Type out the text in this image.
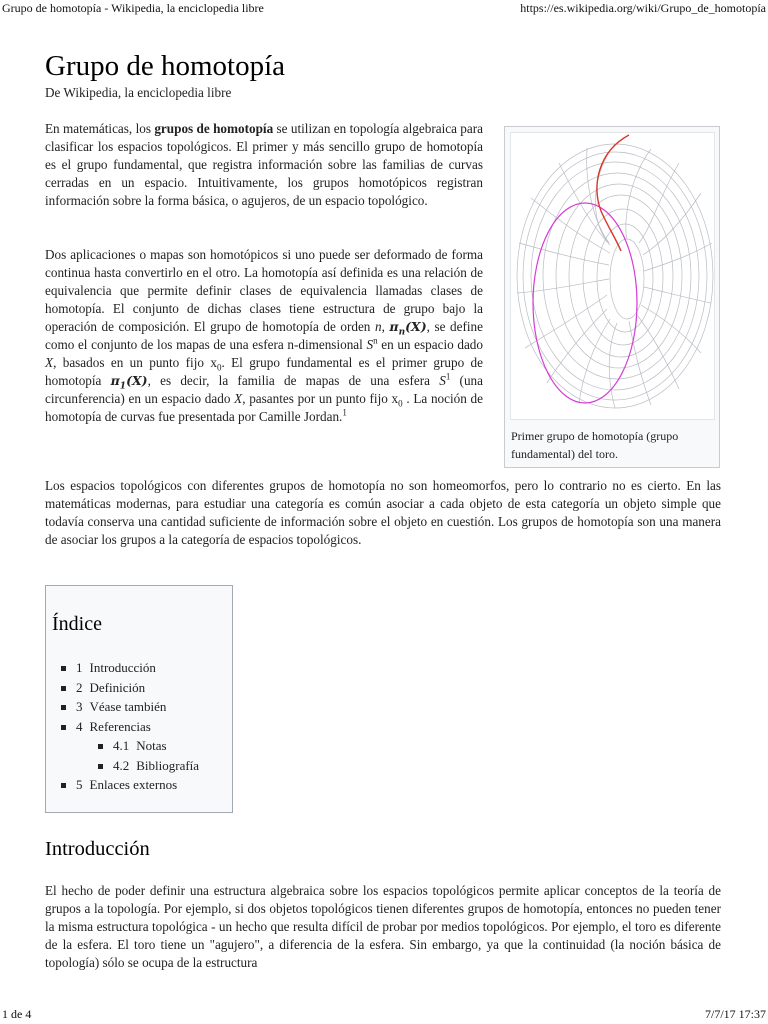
Grupo de homotopía - Wikipedia, la enciclopedia libre	https://es.wikipedia.org/wiki/Grupo_de_homotopía
Grupo de homotopía
De Wikipedia, la enciclopedia libre

En matemáticas, los grupos de homotopía se utilizan en topología algebraica para clasificar los espacios topológicos. El primer y más sencillo grupo de homotopía es el grupo fundamental, que registra información sobre las familias de curvas cerradas en un espacio. Intuitivamente, los grupos homotópicos registran información sobre la forma básica, o agujeros, de un espacio topológico.

Dos aplicaciones o mapas son homotópicos si uno puede ser deformado de forma continua hasta convertirlo en el otro. La homotopía así definida es una relación de equivalencia que permite definir clases de equivalencia llamadas clases de homotopía. El conjunto de dichas clases tiene estructura de grupo bajo la operación de composición. El grupo de homotopía de orden n, $\pi_n(X)$, se define como el conjunto de los mapas de una esfera n-dimensional $S^n$ en un espacio dado X, basados en un punto fijo $x_0$. El grupo fundamental es el primer grupo de homotopía $\pi_1(X)$, es decir, la familia de mapas de una esfera $S^1$ (una circunferencia) en un espacio dado X, pasantes por un punto fijo $x_0$ . La noción de homotopía de curvas fue presentada por Camille Jordan.$^1$

Primer grupo de homotopía (grupo fundamental) del toro.

Los espacios topológicos con diferentes grupos de homotopía no son homeomorfos, pero lo contrario no es cierto. En las matemáticas modernas, para estudiar una categoría es común asociar a cada objeto de esta categoría un objeto simple que todavía conserva una cantidad suficiente de información sobre el objeto en cuestión. Los grupos de homotopía son una manera de asociar los grupos a la categoría de espacios topológicos.

Índice
1 Introducción
2 Definición
3 Véase también
4 Referencias
4.1 Notas
4.2 Bibliografía
5 Enlaces externos
Introducción

El hecho de poder definir una estructura algebraica sobre los espacios topológicos permite aplicar conceptos de la teoría de grupos a la topología. Por ejemplo, si dos objetos topológicos tienen diferentes grupos de homotopía, entonces no pueden tener la misma estructura topológica - un hecho que resulta difícil de probar por medios topológicos. Por ejemplo, el toro es diferente de la esfera. El toro tiene un "agujero", a diferencia de la esfera. Sin embargo, ya que la continuidad (la noción básica de topología) sólo se ocupa de la estructura

1 de 4	7/7/17 17:37
